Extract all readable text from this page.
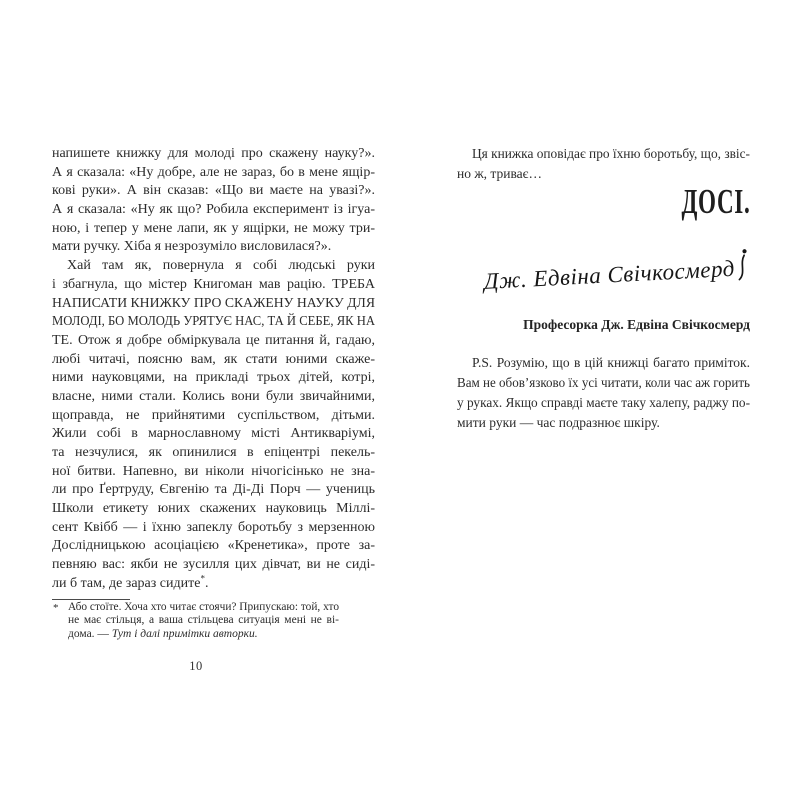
напишете книжку для молоді про скажену науку?».
А я сказала: «Ну добре, але не зараз, бо в мене ящір-
кові руки». А він сказав: «Що ви маєте на увазі?».
А я сказала: «Ну як що? Робила експеримент із ігуа-
ною, і тепер у мене лапи, як у ящірки, не можу три-
мати ручку. Хіба я незрозуміло висловилася?».
Хай там як, повернула я собі людські руки
і збагнула, що містер Книгоман мав рацію. ТРЕБА
НАПИСАТИ КНИЖКУ ПРО СКАЖЕНУ НАУКУ ДЛЯ
МОЛОДІ, БО МОЛОДЬ УРЯТУЄ НАС, ТА Й СЕБЕ, ЯК НА
ТЕ. Отож я добре обміркувала це питання й, гадаю,
любі читачі, поясню вам, як стати юними скаже-
ними науковцями, на прикладі трьох дітей, котрі,
власне, ними стали. Колись вони були звичайними,
щоправда, не прийнятими суспільством, дітьми.
Жили собі в марнославному місті Антикваріумі,
та незчулися, як опинилися в епіцентрі пекель-
ної битви. Напевно, ви ніколи нічогісінько не зна-
ли про Ґертруду, Євгенію та Ді-Ді Порч — учениць
Школи етикету юних скажених науковиць Міллі-
сент Квібб — і їхню запеклу боротьбу з мерзенною
Дослідницькою асоціацією «Кренетика», проте за-
певняю вас: якби не зусилля цих дівчат, ви не сиді-
ли б там, де зараз сидите*.
* Або стоїте. Хоча хто читає стоячи? Припускаю: той, хто
не має стільця, а ваша стільцева ситуація мені не ві-
дома. — Тут і далі примітки авторки.
10
Ця книжка оповідає про їхню боротьбу, що, звіс-
но ж, триває…
ДОСІ.
Дж. Едвіна Свічкосмерд
Професорка Дж. Едвіна Свічкосмерд
P.S. Розумію, що в цій книжці багато приміток.
Вам не обов’язково їх усі читати, коли час аж горить
у руках. Якщо справді маєте таку халепу, раджу по-
мити руки — час подразнює шкіру.
